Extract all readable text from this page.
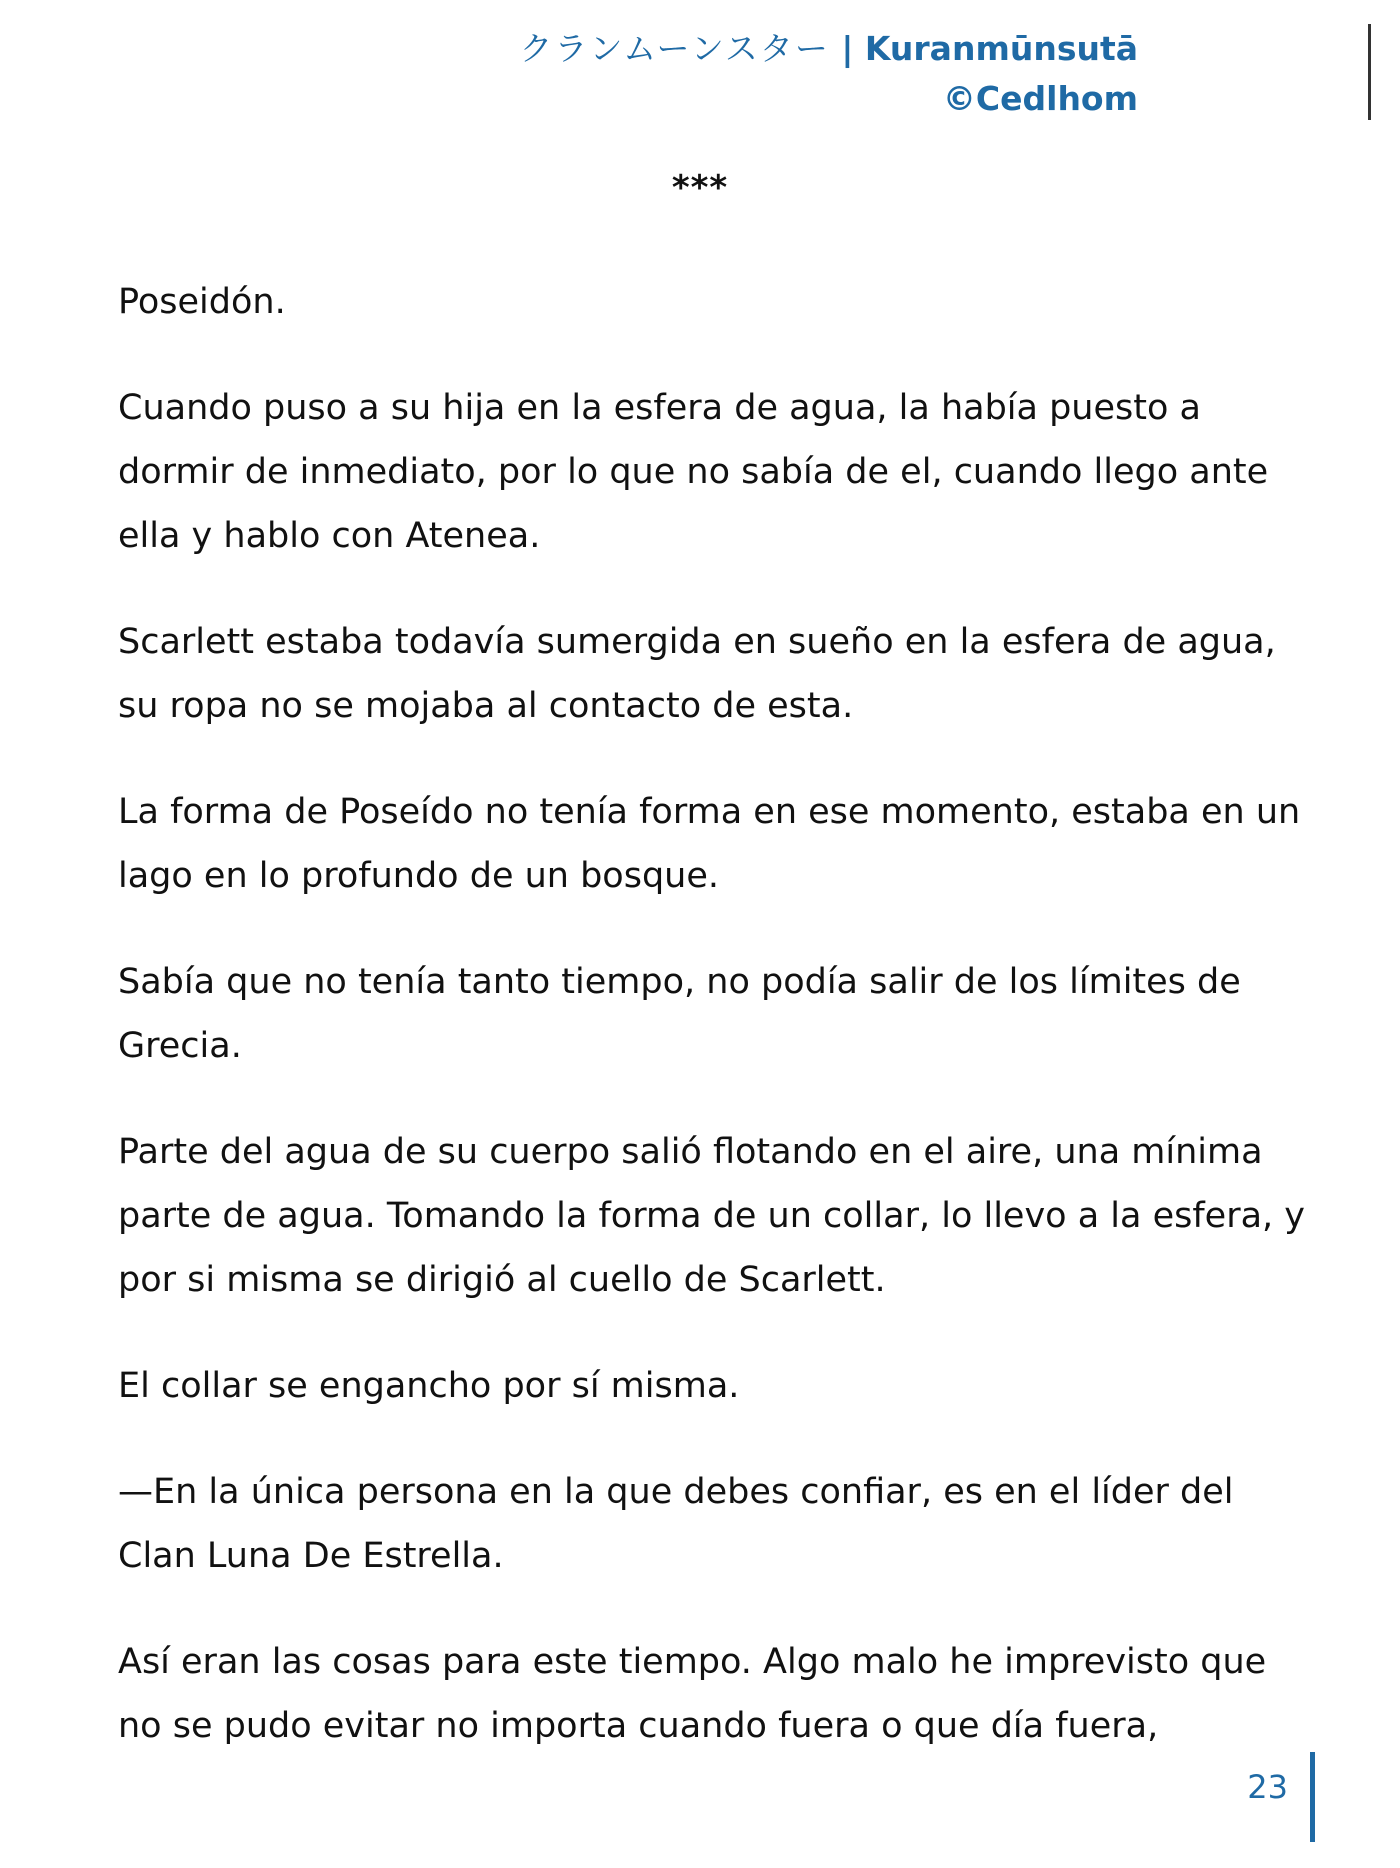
クランムーンスター | Kuranmūnsutā
©Cedlhom
***

Poseidón.

Cuando puso a su hija en la esfera de agua, la había puesto a dormir de inmediato, por lo que no sabía de el, cuando llego ante ella y hablo con Atenea.

Scarlett estaba todavía sumergida en sueño en la esfera de agua, su ropa no se mojaba al contacto de esta.

La forma de Poseído no tenía forma en ese momento, estaba en un lago en lo profundo de un bosque.

Sabía que no tenía tanto tiempo, no podía salir de los límites de Grecia.

Parte del agua de su cuerpo salió flotando en el aire, una mínima parte de agua. Tomando la forma de un collar, lo llevo a la esfera, y por si misma se dirigió al cuello de Scarlett.

El collar se engancho por sí misma.

—En la única persona en la que debes confiar, es en el líder del Clan Luna De Estrella.

Así eran las cosas para este tiempo. Algo malo he imprevisto que no se pudo evitar no importa cuando fuera o que día fuera,

23
